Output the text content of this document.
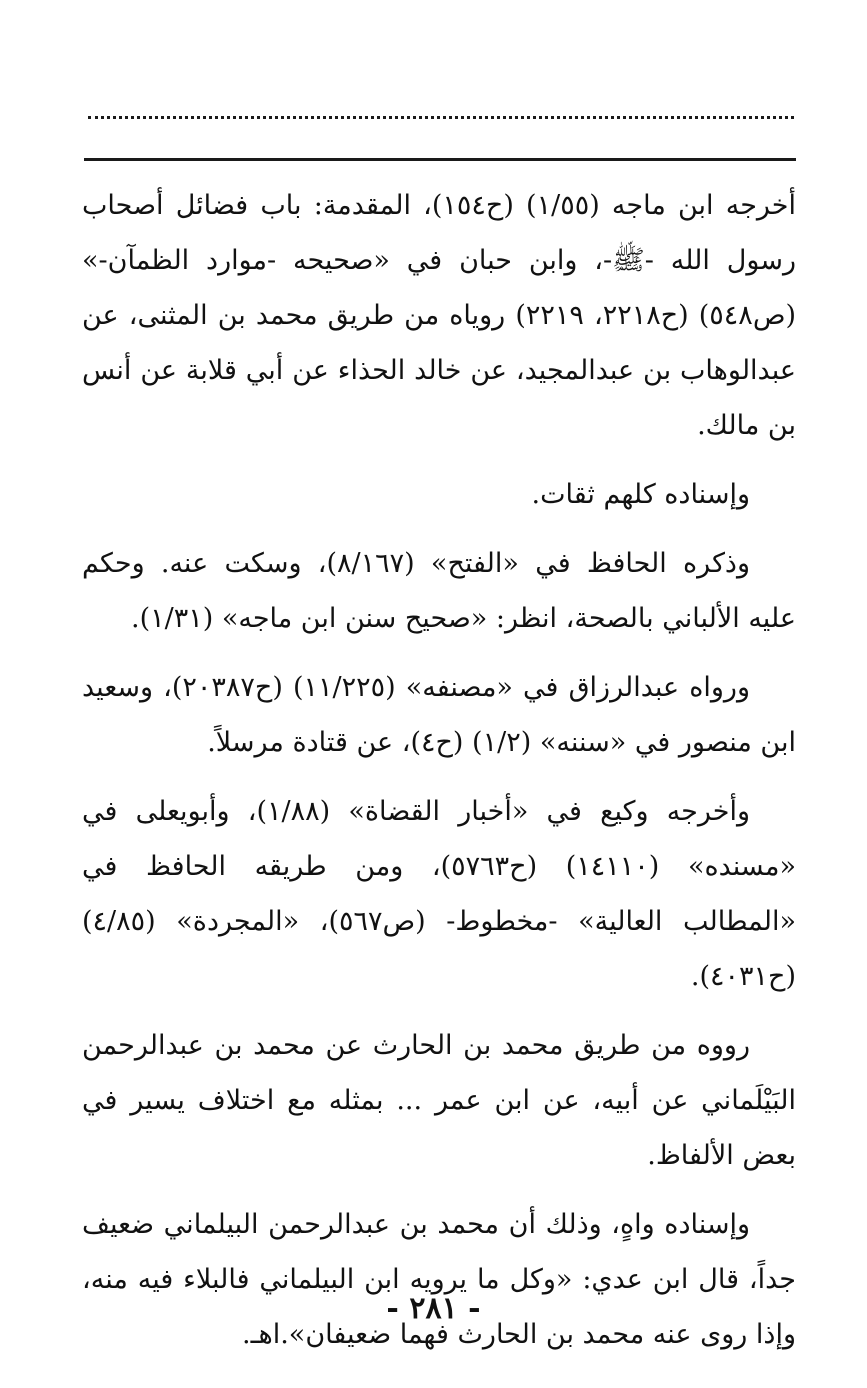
أخرجه ابن ماجه (١/٥٥) (ح١٥٤)، المقدمة: باب فضائل أصحاب رسول الله -ﷺ-، وابن حبان في «صحيحه -موارد الظمآن-» (ص٥٤٨) (ح٢٢١٨، ٢٢١٩) روياه من طريق محمد بن المثنى، عن عبدالوهاب بن عبدالمجيد، عن خالد الحذاء عن أبي قلابة عن أنس بن مالك.

وإسناده كلهم ثقات.

وذكره الحافظ في «الفتح» (٨/١٦٧)، وسكت عنه. وحكم عليه الألباني بالصحة، انظر: «صحيح سنن ابن ماجه» (١/٣١).

ورواه عبدالرزاق في «مصنفه» (١١/٢٢٥) (ح٢٠٣٨٧)، وسعيد ابن منصور في «سننه» (١/٢) (ح٤)، عن قتادة مرسلاً.

وأخرجه وكيع في «أخبار القضاة» (١/٨٨)، وأبويعلى في «مسنده» (١٤١١٠) (ح٥٧٦٣)، ومن طريقه الحافظ في «المطالب العالية» -مخطوط- (ص٥٦٧)، «المجردة» (٤/٨٥) (ح٤٠٣١).

رووه من طريق محمد بن الحارث عن محمد بن عبدالرحمن البَيْلَماني عن أبيه، عن ابن عمر ... بمثله مع اختلاف يسير في بعض الألفاظ.

وإسناده واهٍ، وذلك أن محمد بن عبدالرحمن البيلماني ضعيف جداً، قال ابن عدي: «وكل ما يرويه ابن البيلماني فالبلاء فيه منه، وإذا روى عنه محمد بن الحارث فهما ضعيفان».اهـ.

- ٢٨١ -
